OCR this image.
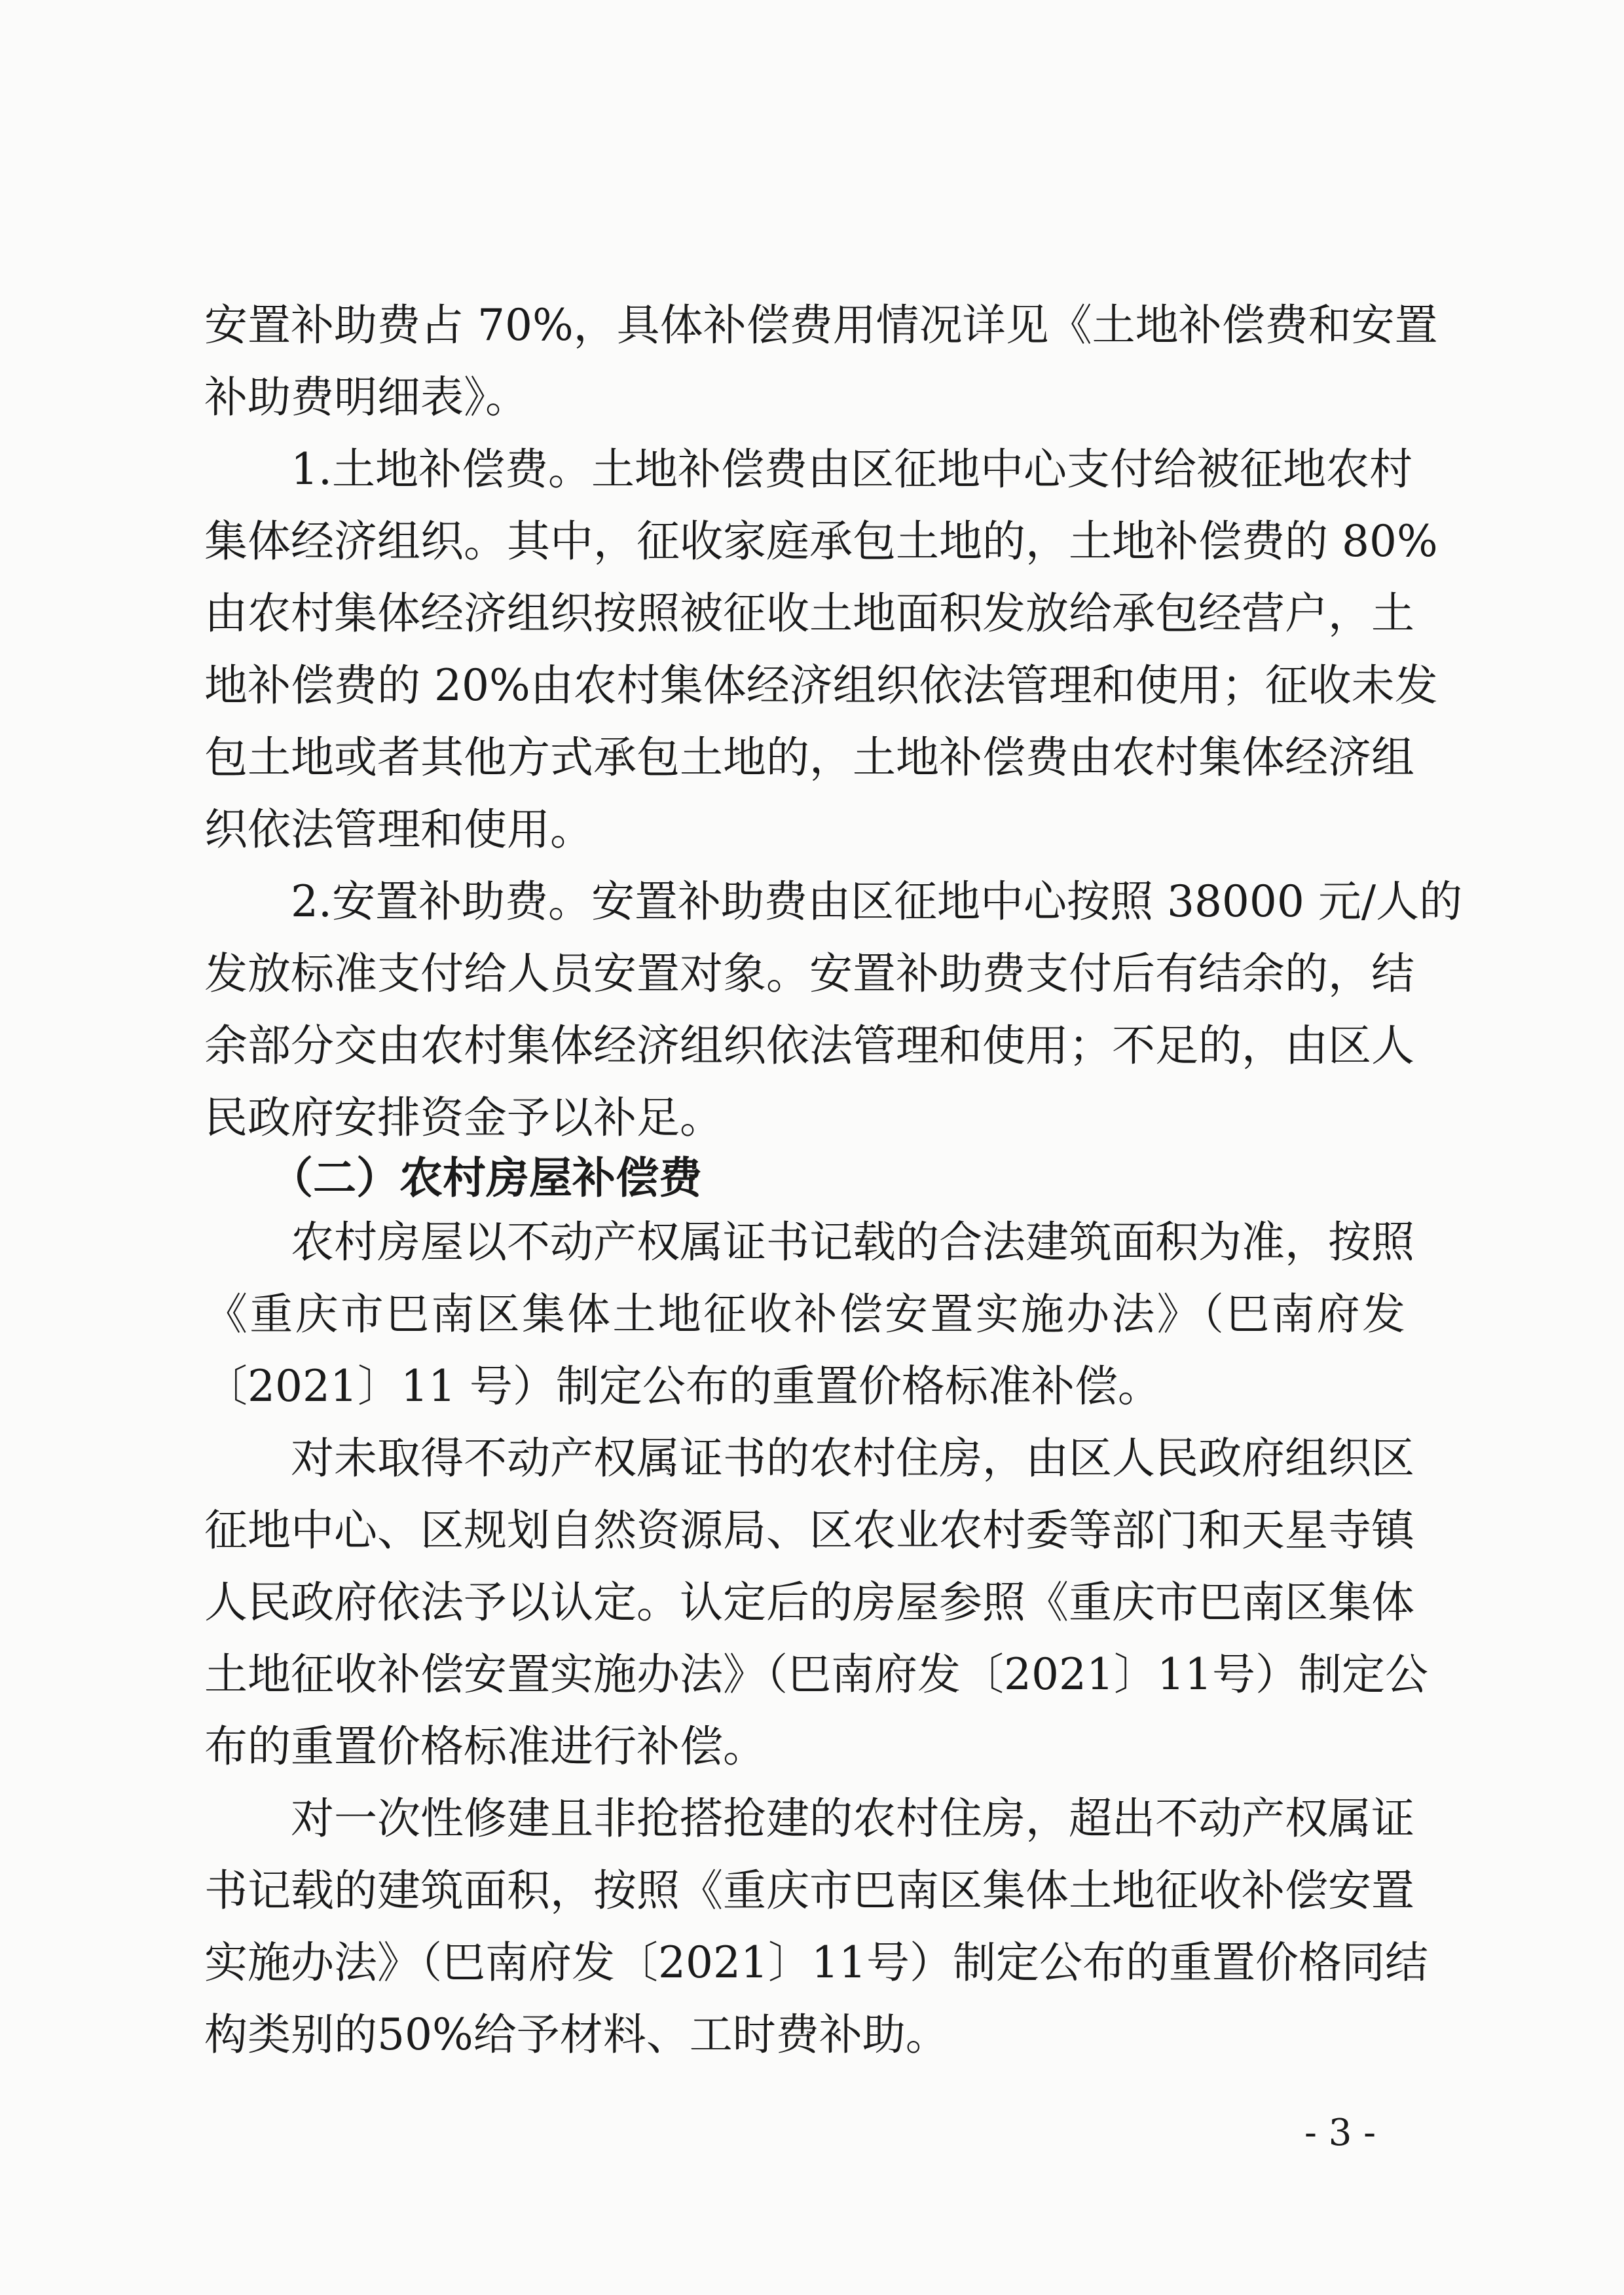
安置补助费占 70%，具体补偿费用情况详见《土地补偿费和安置
补助费明细表》。
1.土地补偿费。土地补偿费由区征地中心支付给被征地农村
集体经济组织。其中，征收家庭承包土地的，土地补偿费的 80%
由农村集体经济组织按照被征收土地面积发放给承包经营户，土
地补偿费的 20%由农村集体经济组织依法管理和使用；征收未发
包土地或者其他方式承包土地的，土地补偿费由农村集体经济组
织依法管理和使用。
2.安置补助费。安置补助费由区征地中心按照 38000 元/人的
发放标准支付给人员安置对象。安置补助费支付后有结余的，结
余部分交由农村集体经济组织依法管理和使用；不足的，由区人
民政府安排资金予以补足。
（二）农村房屋补偿费
农村房屋以不动产权属证书记载的合法建筑面积为准，按照
《重庆市巴南区集体土地征收补偿安置实施办法》（巴南府发
〔2021〕11 号）制定公布的重置价格标准补偿。
对未取得不动产权属证书的农村住房，由区人民政府组织区
征地中心、区规划自然资源局、区农业农村委等部门和天星寺镇
人民政府依法予以认定。认定后的房屋参照《重庆市巴南区集体
土地征收补偿安置实施办法》（巴南府发〔2021〕11号）制定公
布的重置价格标准进行补偿。
对一次性修建且非抢搭抢建的农村住房，超出不动产权属证
书记载的建筑面积，按照《重庆市巴南区集体土地征收补偿安置
实施办法》（巴南府发〔2021〕11号）制定公布的重置价格同结
构类别的50%给予材料、工时费补助。
- 3 -
